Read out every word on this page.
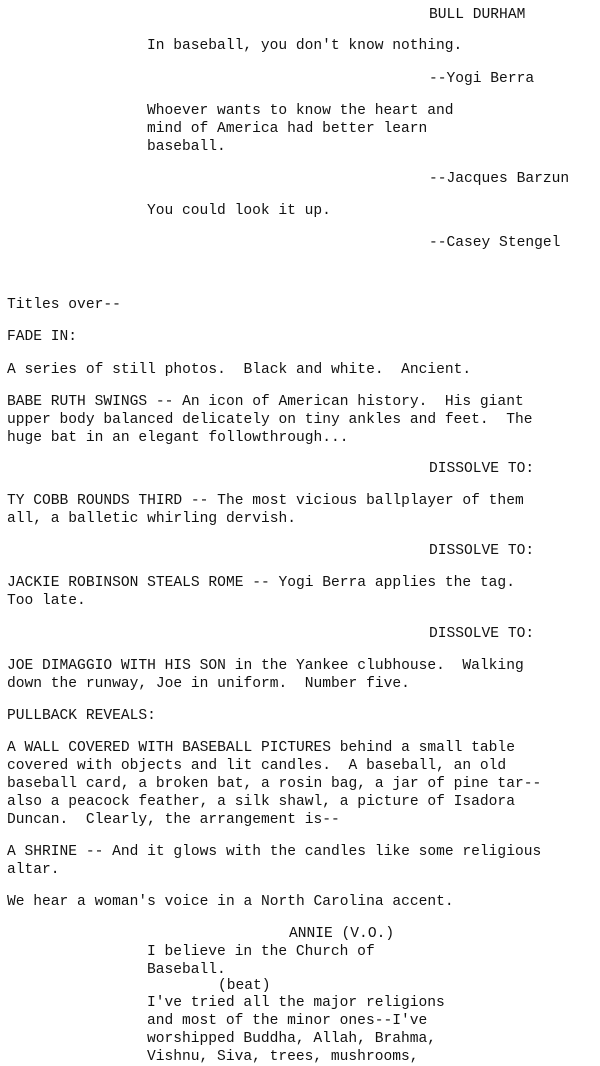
BULL DURHAM
In baseball, you don't know nothing.
--Yogi Berra
Whoever wants to know the heart and
mind of America had better learn
baseball.
--Jacques Barzun
You could look it up.
--Casey Stengel
Titles over--
FADE IN:
A series of still photos.  Black and white.  Ancient.
BABE RUTH SWINGS -- An icon of American history.  His giant
upper body balanced delicately on tiny ankles and feet.  The
huge bat in an elegant followthrough...
DISSOLVE TO:
TY COBB ROUNDS THIRD -- The most vicious ballplayer of them
all, a balletic whirling dervish.
DISSOLVE TO:
JACKIE ROBINSON STEALS ROME -- Yogi Berra applies the tag.
Too late.
DISSOLVE TO:
JOE DIMAGGIO WITH HIS SON in the Yankee clubhouse.  Walking
down the runway, Joe in uniform.  Number five.
PULLBACK REVEALS:
A WALL COVERED WITH BASEBALL PICTURES behind a small table
covered with objects and lit candles.  A baseball, an old
baseball card, a broken bat, a rosin bag, a jar of pine tar--
also a peacock feather, a silk shawl, a picture of Isadora
Duncan.  Clearly, the arrangement is--
A SHRINE -- And it glows with the candles like some religious
altar.
We hear a woman's voice in a North Carolina accent.
ANNIE (V.O.)
I believe in the Church of
Baseball.
(beat)
I've tried all the major religions
and most of the minor ones--I've
worshipped Buddha, Allah, Brahma,
Vishnu, Siva, trees, mushrooms,
